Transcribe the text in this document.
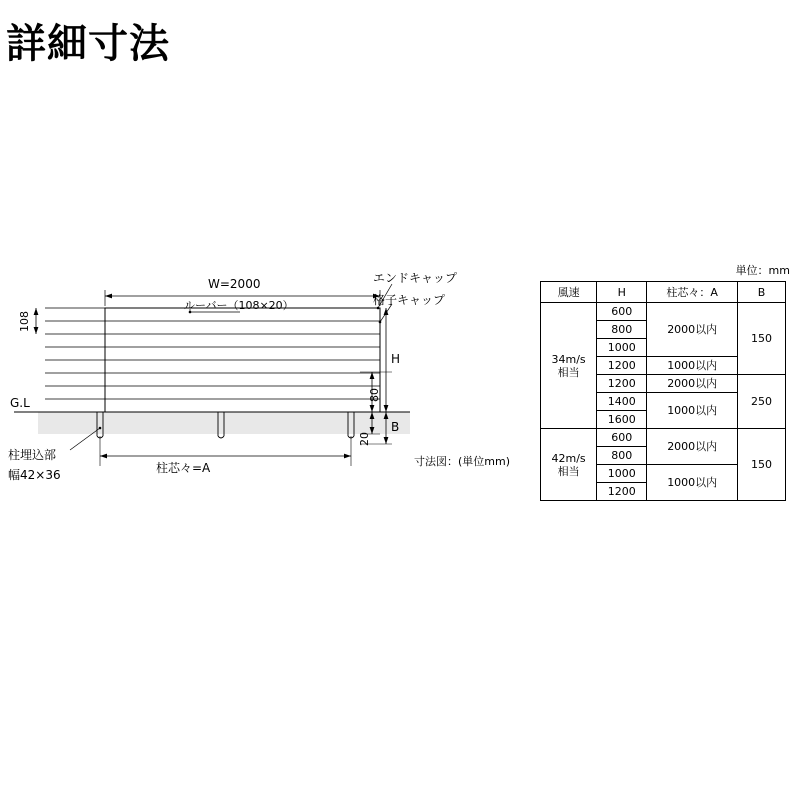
詳細寸法
W=2000
ルーバー（108×20）
エンドキャップ
格子キャップ
108
H
80
B
20
G.L
柱埋込部
幅42×36	柱芯々=A	寸法図：(単位mm)
単位：mm
風速	H	柱芯々：A	B

34m/s
相当	600	2000以内	150
	800		
	1000		
	1200	1000以内	
	1200	2000以内	250
	1400	1000以内	
	1600		

42m/s
相当	600	2000以内	150
	800		
	1000	1000以内	
	1200		
